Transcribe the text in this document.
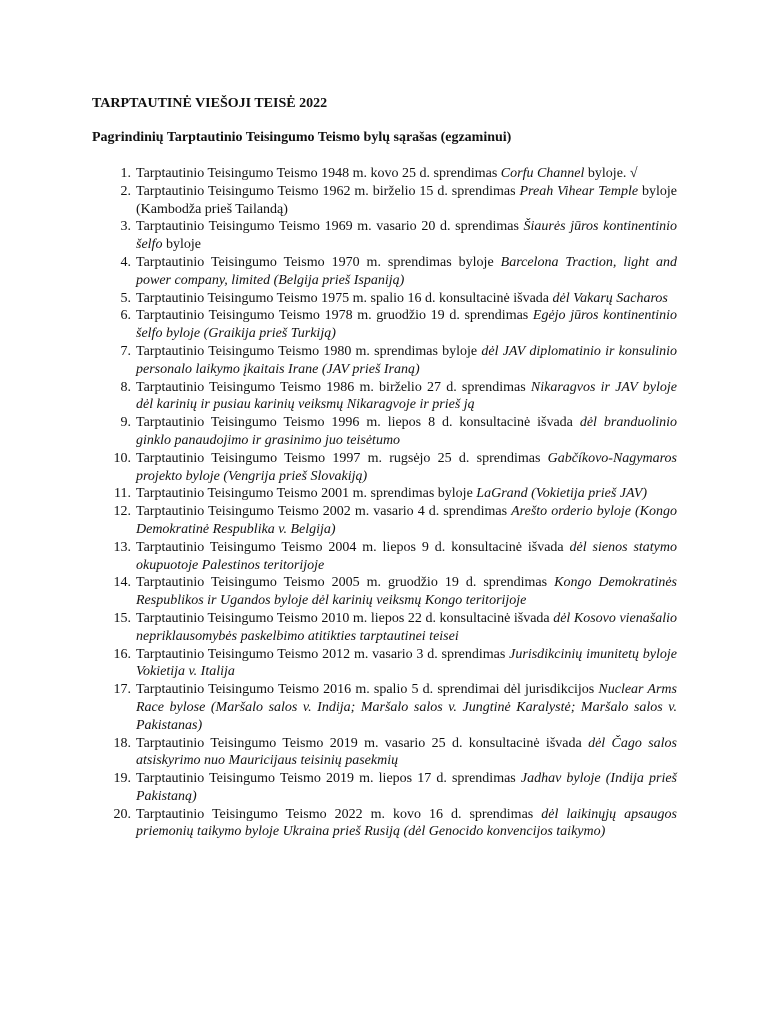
TARPTAUTINĖ VIEŠOJI TEISĖ 2022
Pagrindinių Tarptautinio Teisingumo Teismo bylų sąrašas (egzaminui)
1. Tarptautinio Teisingumo Teismo 1948 m. kovo 25 d. sprendimas Corfu Channel byloje. √
2. Tarptautinio Teisingumo Teismo 1962 m. birželio 15 d. sprendimas Preah Vihear Temple byloje (Kambodža prieš Tailandą)
3. Tarptautinio Teisingumo Teismo 1969 m. vasario 20 d. sprendimas Šiaurės jūros kontinentinio šelfo byloje
4. Tarptautinio Teisingumo Teismo 1970 m. sprendimas byloje Barcelona Traction, light and power company, limited (Belgija prieš Ispaniją)
5. Tarptautinio Teisingumo Teismo 1975 m. spalio 16 d. konsultacinė išvada dėl Vakarų Sacharos
6. Tarptautinio Teisingumo Teismo 1978 m. gruodžio 19 d. sprendimas Egėjo jūros kontinentinio šelfo byloje (Graikija prieš Turkiją)
7. Tarptautinio Teisingumo Teismo 1980 m. sprendimas byloje dėl JAV diplomatinio ir konsulinio personalo laikymo įkaitais Irane (JAV prieš Iraną)
8. Tarptautinio Teisingumo Teismo 1986 m. birželio 27 d. sprendimas Nikaragvos ir JAV byloje dėl karinių ir pusiau karinių veiksmų Nikaragvoje ir prieš ją
9. Tarptautinio Teisingumo Teismo 1996 m. liepos 8 d. konsultacinė išvada dėl branduolinio ginklo panaudojimo ir grasinimo juo teisėtumo
10. Tarptautinio Teisingumo Teismo 1997 m. rugsėjo 25 d. sprendimas Gabčíkovo-Nagymaros projekto byloje (Vengrija prieš Slovakiją)
11. Tarptautinio Teisingumo Teismo 2001 m. sprendimas byloje LaGrand (Vokietija prieš JAV)
12. Tarptautinio Teisingumo Teismo 2002 m. vasario 4 d. sprendimas Arešto orderio byloje (Kongo Demokratinė Respublika v. Belgija)
13. Tarptautinio Teisingumo Teismo 2004 m. liepos 9 d. konsultacinė išvada dėl sienos statymo okupuotoje Palestinos teritorijoje
14. Tarptautinio Teisingumo Teismo 2005 m. gruodžio 19 d. sprendimas Kongo Demokratinės Respublikos ir Ugandos byloje dėl karinių veiksmų Kongo teritorijoje
15. Tarptautinio Teisingumo Teismo 2010 m. liepos 22 d. konsultacinė išvada dėl Kosovo vienašalio nepriklausomybės paskelbimo atitikties tarptautinei teisei
16. Tarptautinio Teisingumo Teismo 2012 m. vasario 3 d. sprendimas Jurisdikcinių imunitetų byloje Vokietija v. Italija
17. Tarptautinio Teisingumo Teismo 2016 m. spalio 5 d. sprendimai dėl jurisdikcijos Nuclear Arms Race bylose (Maršalo salos v. Indija; Maršalo salos v. Jungtinė Karalystė; Maršalo salos v. Pakistanas)
18. Tarptautinio Teisingumo Teismo 2019 m. vasario 25 d. konsultacinė išvada dėl Čago salos atsiskyrimo nuo Mauricijaus teisinių pasekmių
19. Tarptautinio Teisingumo Teismo 2019 m. liepos 17 d. sprendimas Jadhav byloje (Indija prieš Pakistaną)
20. Tarptautinio Teisingumo Teismo 2022 m. kovo 16 d. sprendimas dėl laikinųjų apsaugos priemonių taikymo byloje Ukraina prieš Rusiją (dėl Genocido konvencijos taikymo)
